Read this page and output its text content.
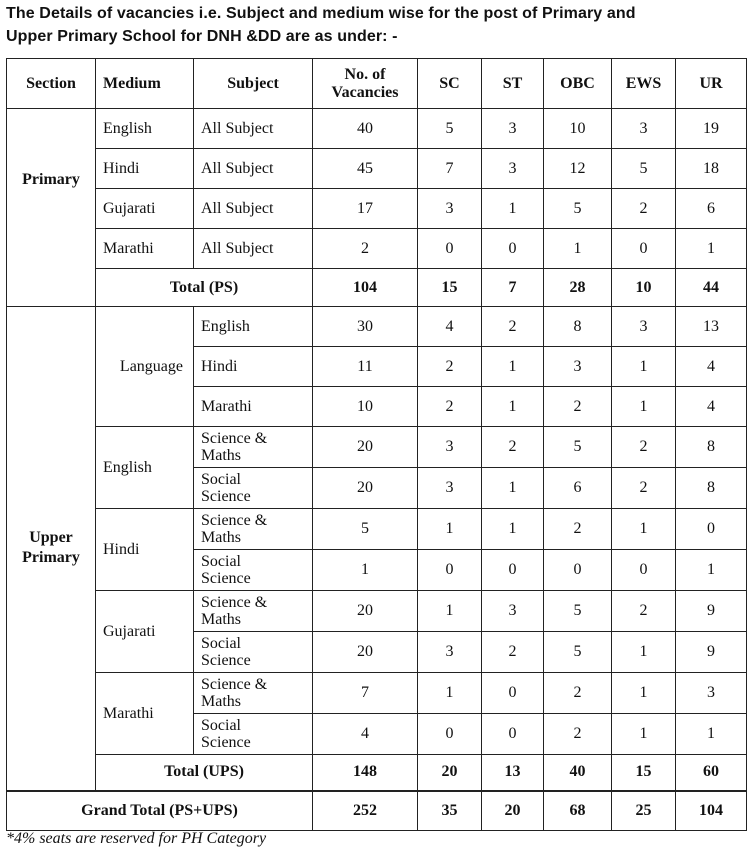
The Details of vacancies i.e. Subject and medium wise for the post of Primary and
Upper Primary School for DNH &DD are as under: -
Section	Medium	Subject	No. of
Vacancies	SC	ST	OBC	EWS	UR
Primary	English	All Subject	40	5	3	10	3	19
	Hindi	All Subject	45	7	3	12	5	18
	Gujarati	All Subject	17	3	1	5	2	6
	Marathi	All Subject	2	0	0	1	0	1
	Total (PS)		104	15	7	28	10	44
Upper
Primary	Language	English	30	4	2	8	3	13
		Hindi	11	2	1	3	1	4
		Marathi	10	2	1	2	1	4
	English	Science &
Maths	20	3	2	5	2	8
		Social
Science	20	3	1	6	2	8
	Hindi	Science &
Maths	5	1	1	2	1	0
		Social
Science	1	0	0	0	0	1
	Gujarati	Science &
Maths	20	1	3	5	2	9
		Social
Science	20	3	2	5	1	9
	Marathi	Science &
Maths	7	1	0	2	1	3
		Social
Science	4	0	0	2	1	1
	Total (UPS)		148	20	13	40	15	60
Grand Total (PS+UPS)			252	35	20	68	25	104
*4% seats are reserved for PH Category
